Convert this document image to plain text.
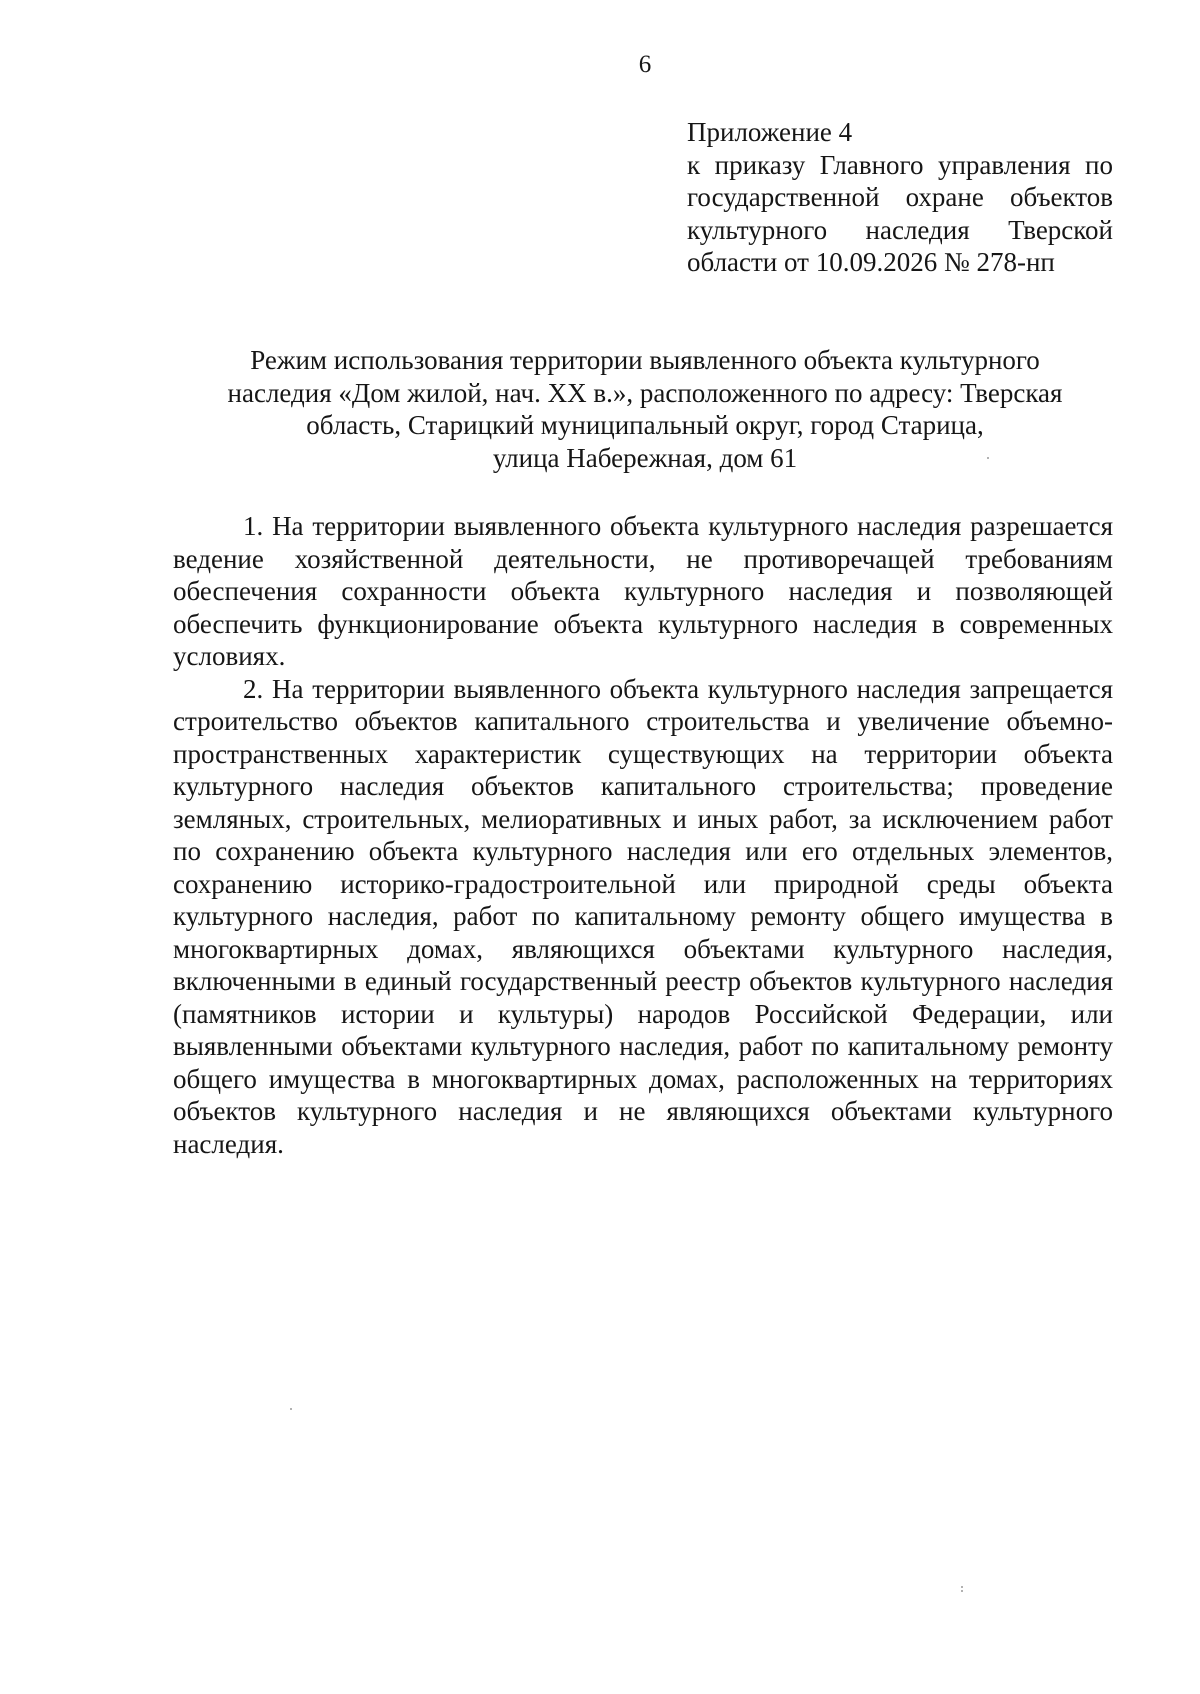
6
Приложение 4
к приказу Главного управления по
государственной охране объектов
культурного наследия Тверской
области от 10.09.2026 № 278-нп
Режим использования территории выявленного объекта культурного
наследия «Дом жилой, нач. XX в.», расположенного по адресу: Тверская
область, Старицкий муниципальный округ, город Старица,
улица Набережная, дом 61

1. На территории выявленного объекта культурного наследия разрешается ведение хозяйственной деятельности, не противоречащей требованиям обеспечения сохранности объекта культурного наследия и позволяющей обеспечить функционирование объекта культурного наследия в современных условиях.

2. На территории выявленного объекта культурного наследия запрещается строительство объектов капитального строительства и увеличение объемно-пространственных характеристик существующих на территории объекта культурного наследия объектов капитального строительства; проведение земляных, строительных, мелиоративных и иных работ, за исключением работ по сохранению объекта культурного наследия или его отдельных элементов, сохранению историко-градостроительной или природной среды объекта культурного наследия, работ по капитальному ремонту общего имущества в многоквартирных домах, являющихся объектами культурного наследия, включенными в единый государственный реестр объектов культурного наследия (памятников истории и культуры) народов Российской Федерации, или выявленными объектами культурного наследия, работ по капитальному ремонту общего имущества в многоквартирных домах, расположенных на территориях объектов культурного наследия и не являющихся объектами культурного наследия.
